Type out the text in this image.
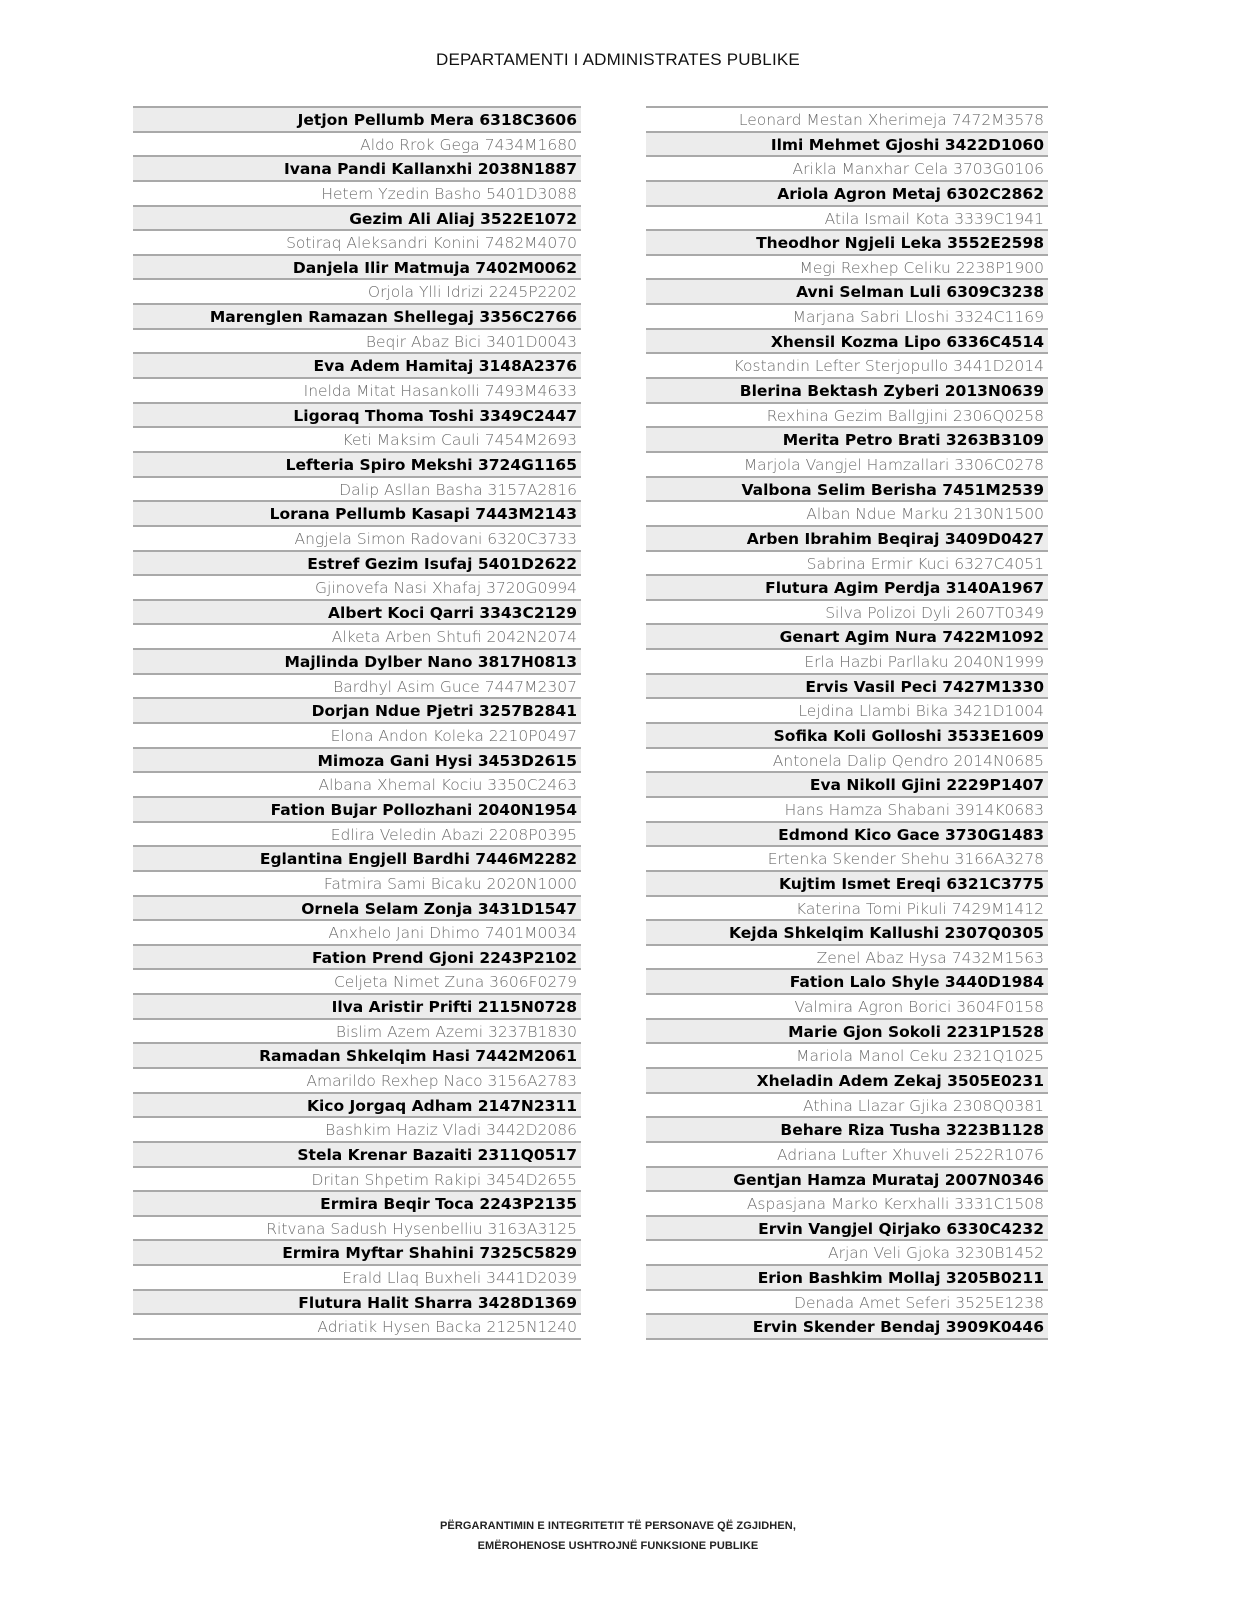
DEPARTAMENTI I ADMINISTRATES PUBLIKE
Jetjon Pellumb Mera 6318C3606
Aldo Rrok Gega 7434M1680
Ivana Pandi Kallanxhi 2038N1887
Hetem Yzedin Basho 5401D3088
Gezim Ali Aliaj 3522E1072
Sotiraq Aleksandri Konini 7482M4070
Danjela Ilir Matmuja 7402M0062
Orjola Ylli Idrizi 2245P2202
Marenglen Ramazan Shellegaj 3356C2766
Beqir Abaz Bici 3401D0043
Eva Adem Hamitaj 3148A2376
Inelda Mitat Hasankolli 7493M4633
Ligoraq Thoma Toshi 3349C2447
Keti Maksim Cauli 7454M2693
Lefteria Spiro Mekshi 3724G1165
Dalip Asllan Basha 3157A2816
Lorana Pellumb Kasapi 7443M2143
Angjela Simon Radovani 6320C3733
Estref Gezim Isufaj 5401D2622
Gjinovefa Nasi Xhafaj 3720G0994
Albert Koci Qarri 3343C2129
Alketa Arben Shtufi 2042N2074
Majlinda Dylber Nano 3817H0813
Bardhyl Asim Guce 7447M2307
Dorjan Ndue Pjetri 3257B2841
Elona Andon Koleka 2210P0497
Mimoza Gani Hysi 3453D2615
Albana Xhemal Kociu 3350C2463
Fation Bujar Pollozhani 2040N1954
Edlira Veledin Abazi 2208P0395
Eglantina Engjell Bardhi 7446M2282
Fatmira Sami Bicaku 2020N1000
Ornela Selam Zonja 3431D1547
Anxhelo Jani Dhimo 7401M0034
Fation Prend Gjoni 2243P2102
Celjeta Nimet Zuna 3606F0279
Ilva Aristir Prifti 2115N0728
Bislim Azem Azemi 3237B1830
Ramadan Shkelqim Hasi 7442M2061
Amarildo Rexhep Naco 3156A2783
Kico Jorgaq Adham 2147N2311
Bashkim Haziz Vladi 3442D2086
Stela Krenar Bazaiti 2311Q0517
Dritan Shpetim Rakipi 3454D2655
Ermira Beqir Toca 2243P2135
Ritvana Sadush Hysenbelliu 3163A3125
Ermira Myftar Shahini 7325C5829
Erald Llaq Buxheli 3441D2039
Flutura Halit Sharra 3428D1369
Adriatik Hysen Backa 2125N1240
Leonard Mestan Xherimeja 7472M3578
Ilmi Mehmet Gjoshi 3422D1060
Arikla Manxhar Cela 3703G0106
Ariola Agron Metaj 6302C2862
Atila Ismail Kota 3339C1941
Theodhor Ngjeli Leka 3552E2598
Megi Rexhep Celiku 2238P1900
Avni Selman Luli 6309C3238
Marjana Sabri Lloshi 3324C1169
Xhensil Kozma Lipo 6336C4514
Kostandin Lefter Sterjopullo 3441D2014
Blerina Bektash Zyberi 2013N0639
Rexhina Gezim Ballgjini 2306Q0258
Merita Petro Brati 3263B3109
Marjola Vangjel Hamzallari 3306C0278
Valbona Selim Berisha 7451M2539
Alban Ndue Marku 2130N1500
Arben Ibrahim Beqiraj 3409D0427
Sabrina Ermir Kuci 6327C4051
Flutura Agim Perdja 3140A1967
Silva Polizoi Dyli 2607T0349
Genart Agim Nura 7422M1092
Erla Hazbi Parllaku 2040N1999
Ervis Vasil Peci 7427M1330
Lejdina Llambi Bika 3421D1004
Sofika Koli Golloshi 3533E1609
Antonela Dalip Qendro 2014N0685
Eva Nikoll Gjini 2229P1407
Hans Hamza Shabani 3914K0683
Edmond Kico Gace 3730G1483
Ertenka Skender Shehu 3166A3278
Kujtim Ismet Ereqi 6321C3775
Katerina Tomi Pikuli 7429M1412
Kejda Shkelqim Kallushi 2307Q0305
Zenel Abaz Hysa 7432M1563
Fation Lalo Shyle 3440D1984
Valmira Agron Borici 3604F0158
Marie Gjon Sokoli 2231P1528
Mariola Manol Ceku 2321Q1025
Xheladin Adem Zekaj 3505E0231
Athina Llazar Gjika 2308Q0381
Behare Riza Tusha 3223B1128
Adriana Lufter Xhuveli 2522R1076
Gentjan Hamza Murataj 2007N0346
Aspasjana Marko Kerxhalli 3331C1508
Ervin Vangjel Qirjako 6330C4232
Arjan Veli Gjoka 3230B1452
Erion Bashkim Mollaj 3205B0211
Denada Amet Seferi 3525E1238
Ervin Skender Bendaj 3909K0446
PËRGARANTIMIN E INTEGRITETIT TË PERSONAVE QË ZGJIDHEN,
EMËROHENOSE USHTROJNË FUNKSIONE PUBLIKE
